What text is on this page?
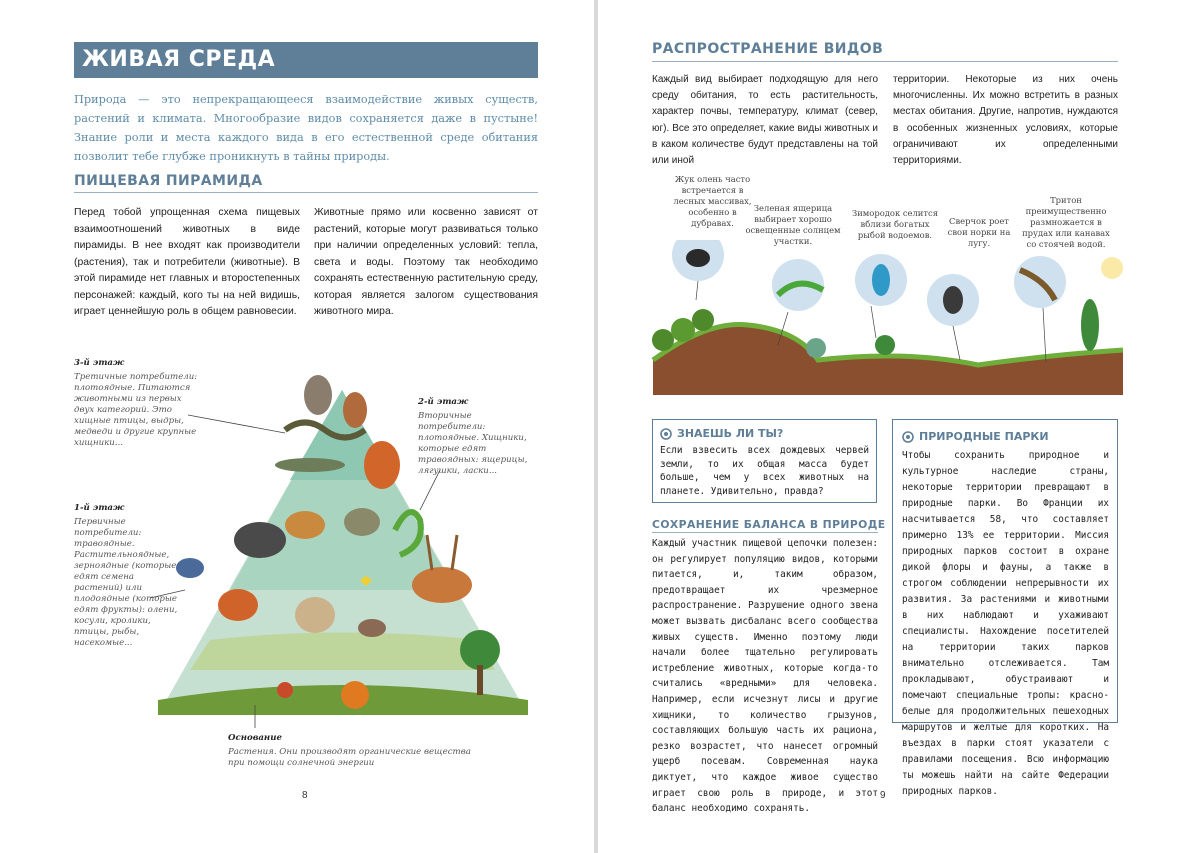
ЖИВАЯ СРЕДА
Природа — это непрекращающееся взаимодействие живых существ, растений и климата. Многообразие видов сохраняется даже в пустыне! Знание роли и места каждого вида в его естественной среде обитания позволит тебе глубже проникнуть в тайны природы.
ПИЩЕВАЯ ПИРАМИДА
Перед тобой упрощенная схема пищевых взаимоотношений животных в виде пирамиды. В нее входят как производители (растения), так и потребители (животные). В этой пирамиде нет главных и второстепенных персонажей: каждый, кого ты на ней видишь, играет ценнейшую роль в общем равновесии.
Животные прямо или косвенно зависят от растений, которые могут развиваться только при наличии определенных условий: тепла, света и воды. Поэтому так необходимо сохранять естественную растительную среду, которая является залогом существования животного мира.
3-й этаж
Третичные потребители: плотоядные. Питаются животными из первых двух категорий. Это хищные птицы, выдры, медведи и другие крупные хищники...
2-й этаж
Вторичные потребители: плотоядные. Хищники, которые едят травоядных: ящерицы, лягушки, ласки...
1-й этаж
Первичные потребители: травоядные. Растительноядные, зерноядные (которые едят семена растений) или плодоядные (которые едят фрукты): олени, косули, кролики, птицы, рыбы, насекомые...
Основание
Растения. Они производят органические вещества при помощи солнечной энергии
8
РАСПРОСТРАНЕНИЕ ВИДОВ
Каждый вид выбирает подходящую для него среду обитания, то есть растительность, характер почвы, температуру, климат (север, юг). Все это определяет, какие виды животных и в каком количестве будут представлены на той или иной
территории. Некоторые из них очень многочисленны. Их можно встретить в разных местах обитания. Другие, напротив, нуждаются в особенных жизненных условиях, которые ограничивают их определенными территориями.
Жук олень часто встречается в лесных массивах, особенно в дубравах.
Зеленая ящерица выбирает хорошо освещенные солнцем участки.
Зимородок селится вблизи богатых рыбой водоемов.
Сверчок роет свои норки на лугу.
Тритон преимущественно размножается в прудах или канавах со стоячей водой.
ЗНАЕШЬ ЛИ ТЫ?
Если взвесить всех дождевых червей земли, то их общая масса будет больше, чем у всех животных на планете. Удивительно, правда?
СОХРАНЕНИЕ БАЛАНСА В ПРИРОДЕ
Каждый участник пищевой цепочки полезен: он регулирует популяцию видов, которыми питается, и, таким образом, предотвращает их чрезмерное распространение. Разрушение одного звена может вызвать дисбаланс всего сообщества живых существ. Именно поэтому люди начали более тщательно регулировать истребление животных, которые когда-то считались «вредными» для человека. Например, если исчезнут лисы и другие хищники, то количество грызунов, составляющих большую часть их рациона, резко возрастет, что нанесет огромный ущерб посевам. Современная наука диктует, что каждое живое существо играет свою роль в природе, и этот баланс необходимо сохранять.
ПРИРОДНЫЕ ПАРКИ
Чтобы сохранить природное и культурное наследие страны, некоторые территории превращают в природные парки. Во Франции их насчитывается 58, что составляет примерно 13% ее территории. Миссия природных парков состоит в охране дикой флоры и фауны, а также в строгом соблюдении непрерывности их развития. За растениями и животными в них наблюдают и ухаживают специалисты. Нахождение посетителей на территории таких парков внимательно отслеживается. Там прокладывают, обустраивают и помечают специальные тропы: красно-белые для продолжительных пешеходных маршрутов и желтые для коротких. На въездах в парки стоят указатели с правилами посещения. Всю информацию ты можешь найти на сайте Федерации природных парков.
9
